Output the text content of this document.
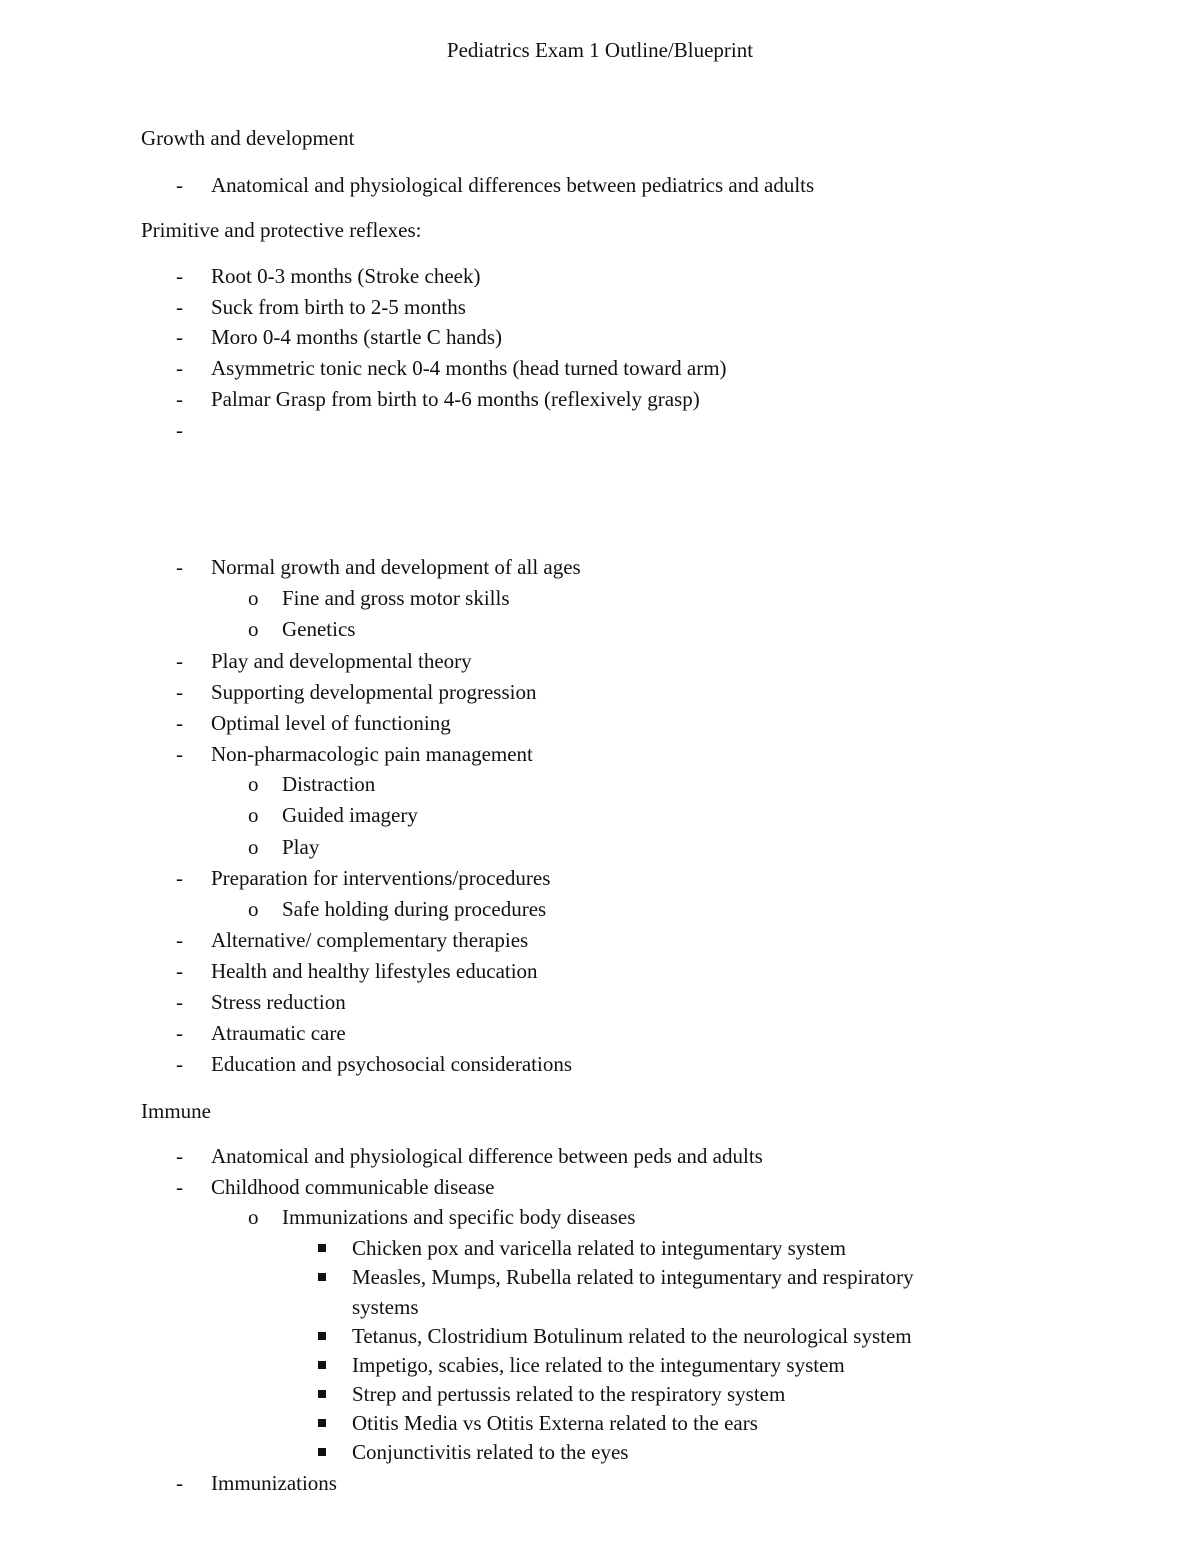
Pediatrics Exam 1 Outline/Blueprint
Growth and development
- Anatomical and physiological differences between pediatrics and adults
Primitive and protective reflexes:
- Root 0-3 months (Stroke cheek)
- Suck from birth to 2-5 months
- Moro 0-4 months (startle C hands)
- Asymmetric tonic neck 0-4 months (head turned toward arm)
- Palmar Grasp from birth to 4-6 months (reflexively grasp)
-
- Normal growth and development of all ages
o Fine and gross motor skills
o Genetics
- Play and developmental theory
- Supporting developmental progression
- Optimal level of functioning
- Non-pharmacologic pain management
o Distraction
o Guided imagery
o Play
- Preparation for interventions/procedures
o Safe holding during procedures
- Alternative/ complementary therapies
- Health and healthy lifestyles education
- Stress reduction
- Atraumatic care
- Education and psychosocial considerations
Immune
- Anatomical and physiological difference between peds and adults
- Childhood communicable disease
o Immunizations and specific body diseases
Chicken pox and varicella related to integumentary system
Measles, Mumps, Rubella related to integumentary and respiratory
systems
Tetanus, Clostridium Botulinum related to the neurological system
Impetigo, scabies, lice related to the integumentary system
Strep and pertussis related to the respiratory system
Otitis Media vs Otitis Externa related to the ears
Conjunctivitis related to the eyes
- Immunizations
